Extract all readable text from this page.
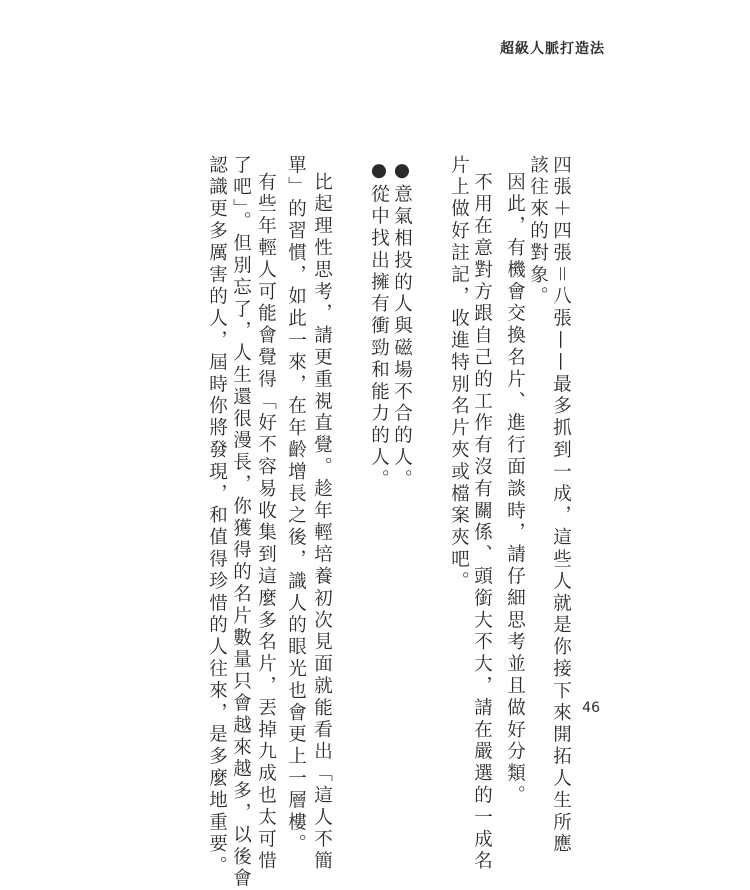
超級人脈打造法
四張＋四張＝八張——最多抓到一成，這些人就是你接下來開拓人生所應
該往來的對象。
因此，有機會交換名片、進行面談時，請仔細思考並且做好分類。
不用在意對方跟自己的工作有沒有關係、頭銜大不大，請在嚴選的一成名
片上做好註記，收進特別名片夾或檔案夾吧。
●意氣相投的人與磁場不合的人。
●從中找出擁有衝勁和能力的人。
比起理性思考，請更重視直覺。趁年輕培養初次見面就能看出「這人不簡
單」的習慣，如此一來，在年齡增長之後，識人的眼光也會更上一層樓。
有些年輕人可能會覺得「好不容易收集到這麼多名片，丟掉九成也太可惜
了吧」。但別忘了，人生還很漫長，你獲得的名片數量只會越來越多，以後會
認識更多厲害的人，屆時你將發現，和值得珍惜的人往來，是多麼地重要。	46
